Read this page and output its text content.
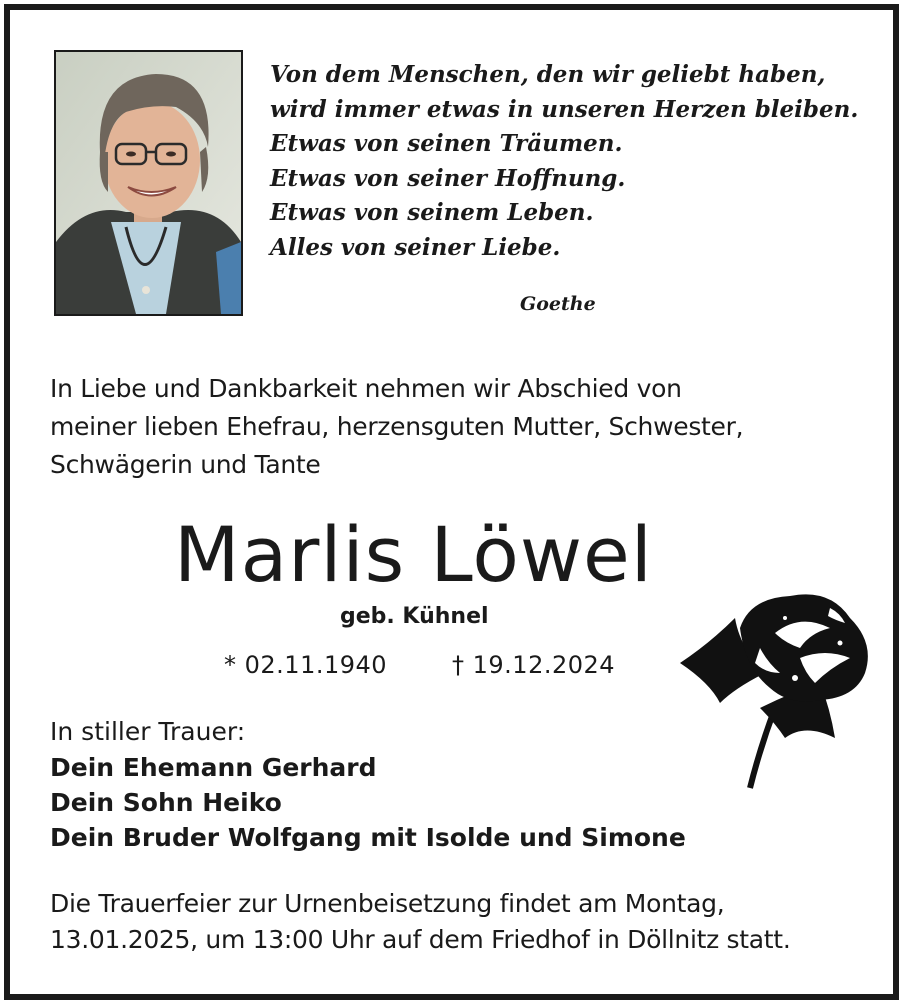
Von dem Menschen, den wir geliebt haben,
wird immer etwas in unseren Herzen bleiben.
Etwas von seinen Träumen.
Etwas von seiner Hoffnung.
Etwas von seinem Leben.
Alles von seiner Liebe.
Goethe
In Liebe und Dankbarkeit nehmen wir Abschied von
meiner lieben Ehefrau, herzensguten Mutter, Schwester,
Schwägerin und Tante
Marlis Löwel
geb. Kühnel
* 02.11.1940	† 19.12.2024
In stiller Trauer:
Dein Ehemann Gerhard
Dein Sohn Heiko
Dein Bruder Wolfgang mit Isolde und Simone
Die Trauerfeier zur Urnenbeisetzung findet am Montag,
13.01.2025, um 13:00 Uhr auf dem Friedhof in Döllnitz statt.
